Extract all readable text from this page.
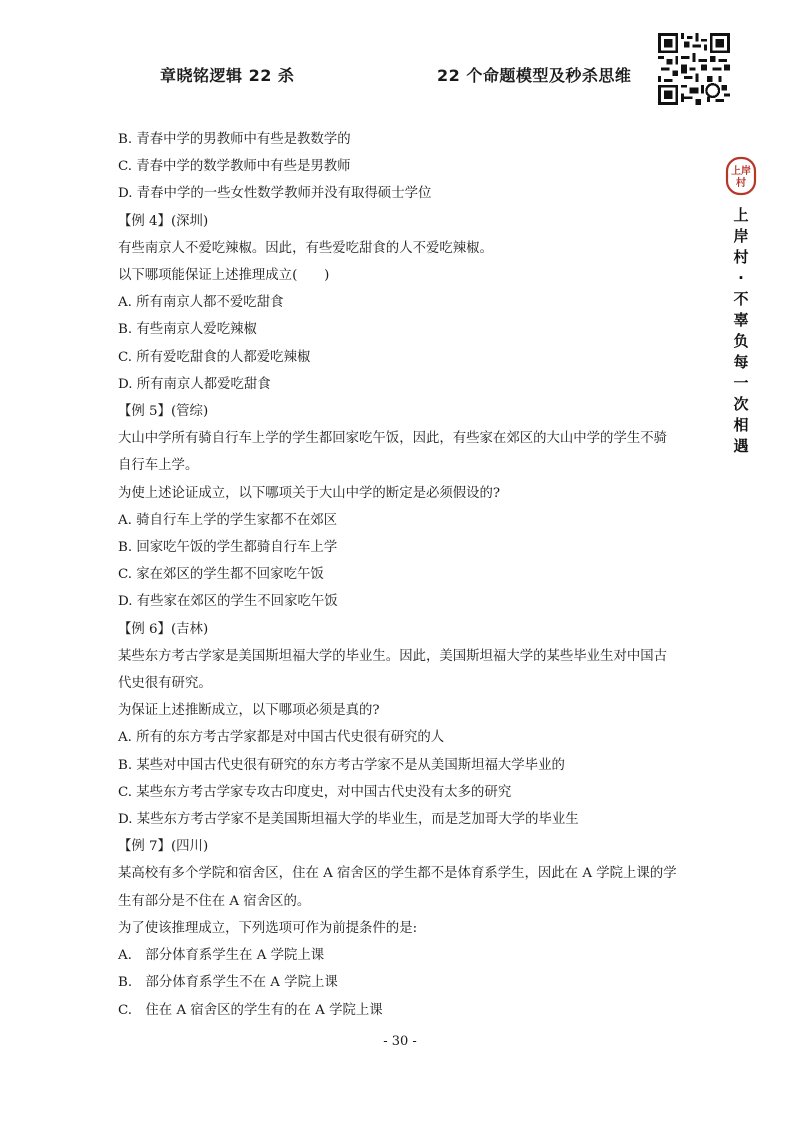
章晓铭逻辑 22 杀	22 个命题模型及秒杀思维
上岸
村
上
岸
村
·
不
辜
负
每
一
次
相
遇

B. 青春中学的男教师中有些是教数学的

C. 青春中学的数学教师中有些是男教师

D. 青春中学的一些女性数学教师并没有取得硕士学位

【例 4】(深圳)

有些南京人不爱吃辣椒。因此，有些爱吃甜食的人不爱吃辣椒。

以下哪项能保证上述推理成立(　　)

A. 所有南京人都不爱吃甜食

B. 有些南京人爱吃辣椒

C. 所有爱吃甜食的人都爱吃辣椒

D. 所有南京人都爱吃甜食

【例 5】(管综)

大山中学所有骑自行车上学的学生都回家吃午饭，因此，有些家在郊区的大山中学的学生不骑自行车上学。

为使上述论证成立，以下哪项关于大山中学的断定是必须假设的?

A. 骑自行车上学的学生家都不在郊区

B. 回家吃午饭的学生都骑自行车上学

C. 家在郊区的学生都不回家吃午饭

D. 有些家在郊区的学生不回家吃午饭

【例 6】(吉林)

某些东方考古学家是美国斯坦福大学的毕业生。因此，美国斯坦福大学的某些毕业生对中国古代史很有研究。

为保证上述推断成立，以下哪项必须是真的?

A. 所有的东方考古学家都是对中国古代史很有研究的人

B. 某些对中国古代史很有研究的东方考古学家不是从美国斯坦福大学毕业的

C. 某些东方考古学家专攻古印度史，对中国古代史没有太多的研究

D. 某些东方考古学家不是美国斯坦福大学的毕业生，而是芝加哥大学的毕业生

【例 7】(四川)

某高校有多个学院和宿舍区，住在 A 宿舍区的学生都不是体育系学生，因此在 A 学院上课的学生有部分是不住在 A 宿舍区的。

为了使该推理成立，下列选项可作为前提条件的是:

A.　部分体育系学生在 A 学院上课

B.　部分体育系学生不在 A 学院上课

C.　住在 A 宿舍区的学生有的在 A 学院上课

- 30 -
